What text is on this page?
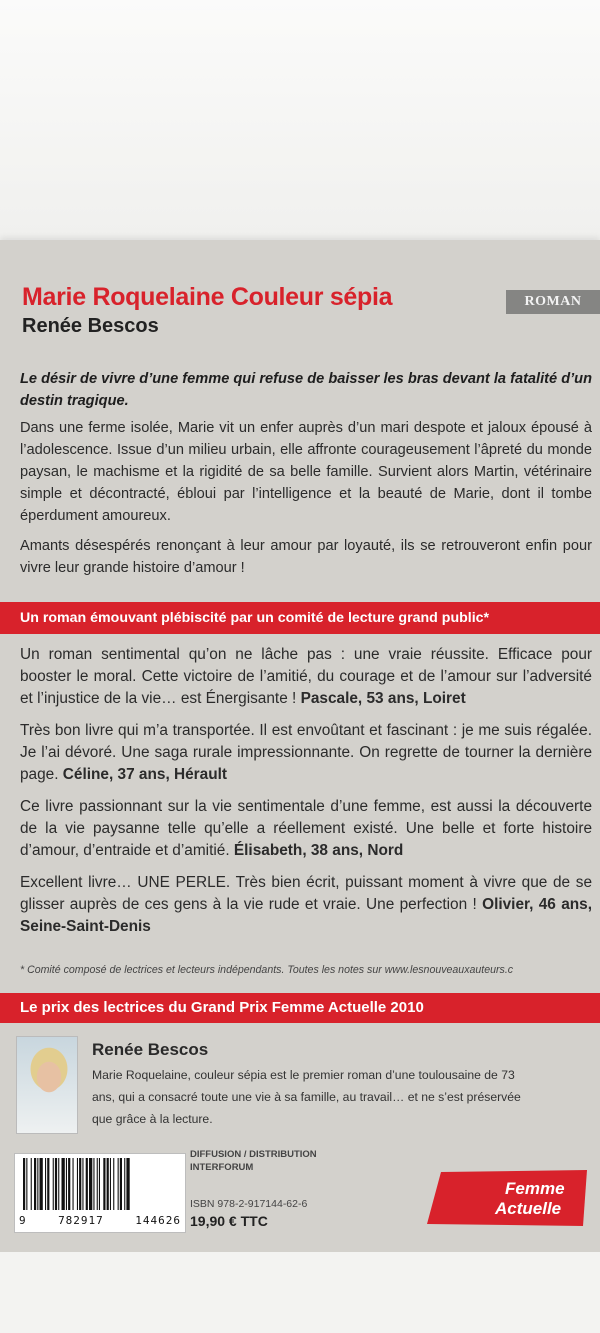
Marie Roquelaine Couleur sépia
Renée Bescos
ROMAN

Le désir de vivre d’une femme qui refuse de baisser les bras devant la fatalité d’un destin tragique.

Dans une ferme isolée, Marie vit un enfer auprès d’un mari despote et jaloux épousé à l’adolescence. Issue d’un milieu urbain, elle affronte courageusement l’âpreté du monde paysan, le machisme et la rigidité de sa belle famille. Survient alors Martin, vétérinaire simple et décontracté, ébloui par l’intelligence et la beauté de Marie, dont il tombe éperdument amoureux.

Amants désespérés renonçant à leur amour par loyauté, ils se retrouveront enfin pour vivre leur grande histoire d’amour !

Un roman émouvant plébiscité par un comité de lecture grand public*

Un roman sentimental qu’on ne lâche pas : une vraie réussite. Efficace pour booster le moral. Cette victoire de l’amitié, du courage et de l’amour sur l’adversité et l’injustice de la vie… est Énergisante ! Pascale, 53 ans, Loiret

Très bon livre qui m’a transportée. Il est envoûtant et fascinant : je me suis régalée. Je l’ai dévoré. Une saga rurale impressionnante. On regrette de tourner la dernière page. Céline, 37 ans, Hérault

Ce livre passionnant sur la vie sentimentale d’une femme, est aussi la découverte de la vie paysanne telle qu’elle a réellement existé. Une belle et forte histoire d’amour, d’entraide et d’amitié. Élisabeth, 38 ans, Nord

Excellent livre… UNE PERLE. Très bien écrit, puissant moment à vivre que de se glisser auprès de ces gens à la vie rude et vraie. Une perfection ! Olivier, 46 ans, Seine-Saint-Denis

* Comité composé de lectrices et lecteurs indépendants. Toutes les notes sur www.lesnouveauxauteurs.c
Le prix des lectrices du Grand Prix Femme Actuelle 2010
Renée Bescos
Marie Roquelaine, couleur sépia est le premier roman d’une toulousaine de 73 ans, qui a consacré toute une vie à sa famille, au travail… et ne s’est préservée que grâce à la lecture.
9	782917	144626
DIFFUSION / DISTRIBUTION
INTERFORUM
ISBN 978-2-917144-62-6
19,90 € TTC
Femme
Actuelle
